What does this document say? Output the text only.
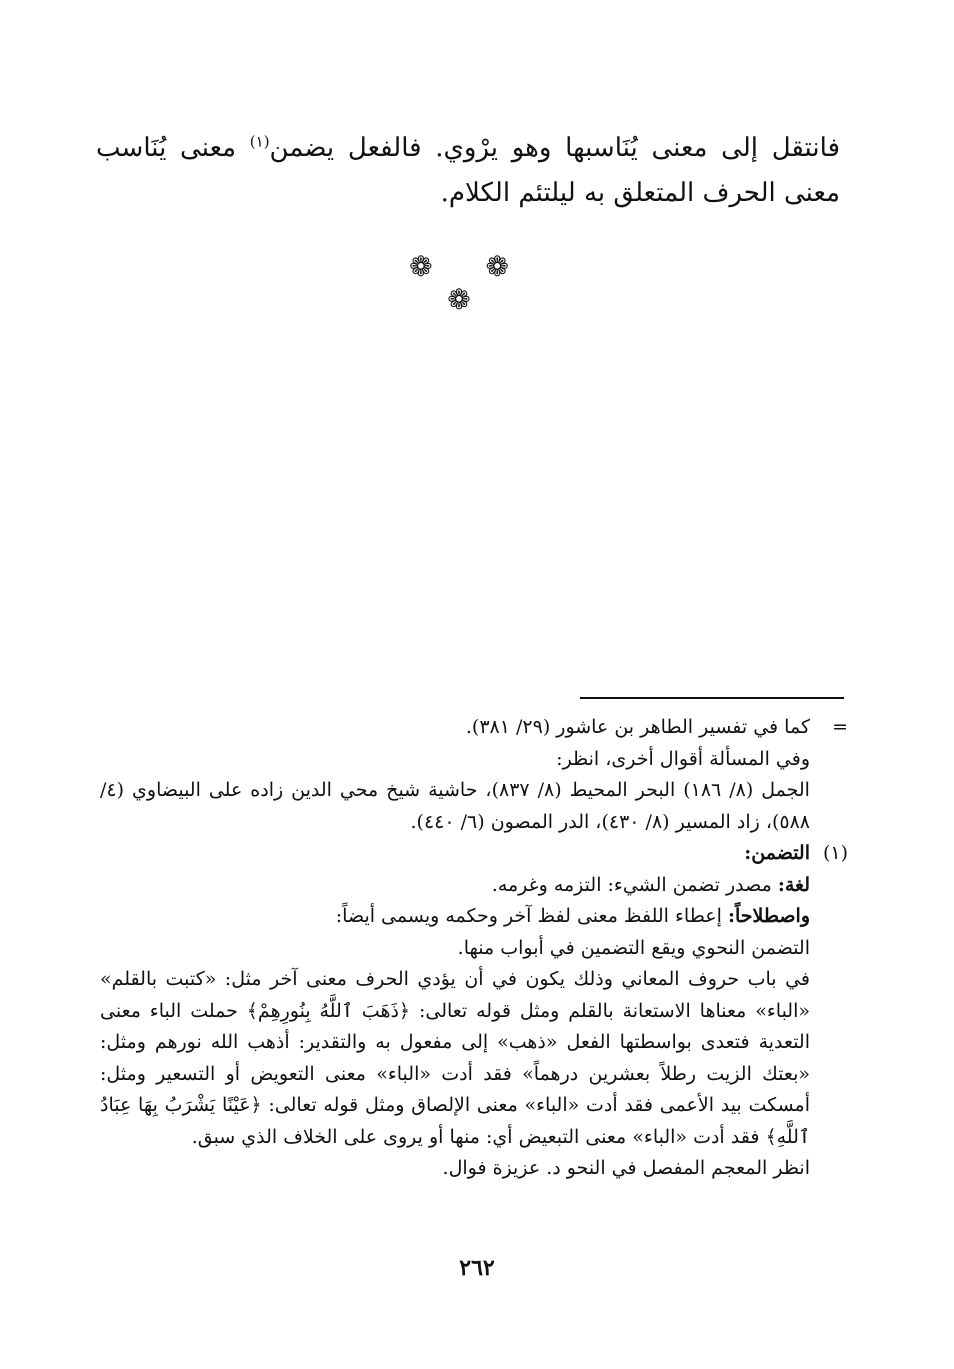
فانتقل إلى معنى يُنَاسبها وهو يرْوي. فالفعل يضمن$^{(١)}$ معنى يُنَاسب معنى الحرف المتعلق به ليلتئم الكلام.

❁ ❁ ❁
=
كما في تفسير الطاهر بن عاشور (٢٩/ ٣٨١).
وفي المسألة أقوال أخرى، انظر:
الجمل (٨/ ١٨٦) البحر المحيط (٨/ ٨٣٧)، حاشية شيخ محي الدين زاده على البيضاوي (٤/ ٥٨٨)، زاد المسير (٨/ ٤٣٠)، الدر المصون (٦/ ٤٤٠).
(١)
التضمن:
لغة: مصدر تضمن الشيء: التزمه وغرمه.
واصطلاحاً: إعطاء اللفظ معنى لفظ آخر وحكمه ويسمى أيضاً:
التضمن النحوي ويقع التضمين في أبواب منها.
في باب حروف المعاني وذلك يكون في أن يؤدي الحرف معنى آخر مثل: «كتبت بالقلم» «الباء» معناها الاستعانة بالقلم ومثل قوله تعالى: ﴿ذَهَبَ ٱللَّهُ بِنُورِهِمْ﴾ حملت الباء معنى التعدية فتعدى بواسطتها الفعل «ذهب» إلى مفعول به والتقدير: أذهب الله نورهم ومثل: «بعتك الزيت رطلاً بعشرين درهماً» فقد أدت «الباء» معنى التعويض أو التسعير ومثل: أمسكت بيد الأعمى فقد أدت «الباء» معنى الإلصاق ومثل قوله تعالى: ﴿عَيْنًا يَشْرَبُ بِهَا عِبَادُ ٱللَّهِ﴾ فقد أدت «الباء» معنى التبعيض أي: منها أو يروى على الخلاف الذي سبق.
انظر المعجم المفصل في النحو د. عزيزة فوال.
٢٦٢
